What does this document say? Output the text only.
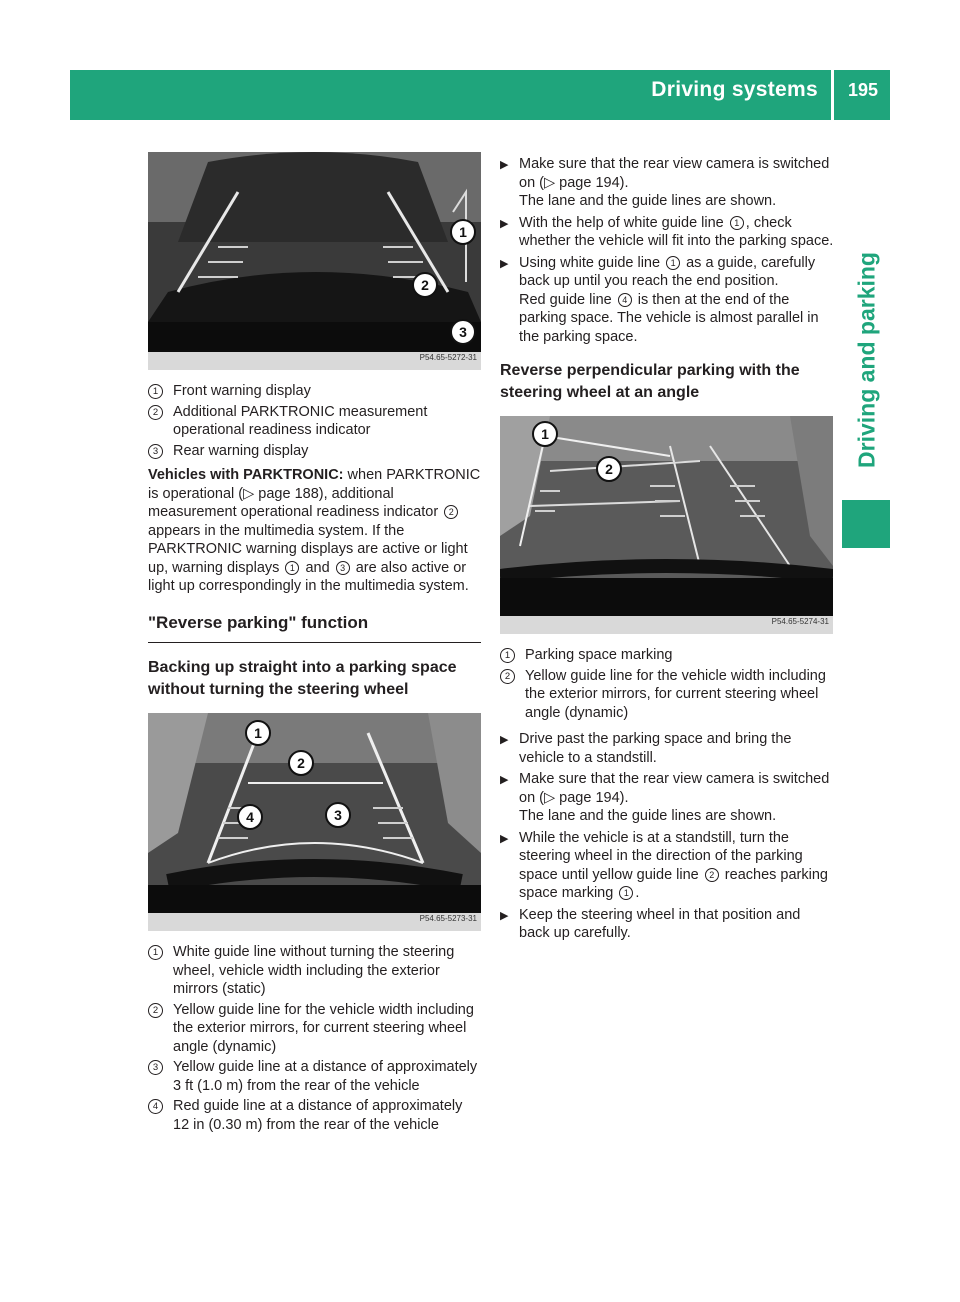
Driving systems 195
Driving and parking
1
2
3
P54.65-5272-31
1	Front warning display
2	Additional PARKTRONIC measurement operational readiness indicator
3	Rear warning display
Vehicles with PARKTRONIC: when PARKTRONIC is operational (▷ page 188), additional measurement operational readiness indicator 2 appears in the multimedia system. If the PARKTRONIC warning displays are active or light up, warning displays 1 and 3 are also active or light up correspondingly in the multimedia system.
"Reverse parking" function
Backing up straight into a parking space without turning the steering wheel
1
2
3
4
P54.65-5273-31
1	White guide line without turning the steering wheel, vehicle width including the exterior mirrors (static)
2	Yellow guide line for the vehicle width including the exterior mirrors, for current steering wheel angle (dynamic)
3	Yellow guide line at a distance of approximately 3 ft (1.0 m) from the rear of the vehicle
4	Red guide line at a distance of approximately 12 in (0.30 m) from the rear of the vehicle
▶ Make sure that the rear view camera is switched on (▷ page 194).
The lane and the guide lines are shown.
▶ With the help of white guide line 1 , check whether the vehicle will fit into the parking space.
▶ Using white guide line 1 as a guide, carefully back up until you reach the end position.
Red guide line 4 is then at the end of the parking space. The vehicle is almost parallel in the parking space.
Reverse perpendicular parking with the steering wheel at an angle
1
2
P54.65-5274-31
1	Parking space marking
2	Yellow guide line for the vehicle width including the exterior mirrors, for current steering wheel angle (dynamic)
▶ Drive past the parking space and bring the vehicle to a standstill.
▶ Make sure that the rear view camera is switched on (▷ page 194).
The lane and the guide lines are shown.
▶ While the vehicle is at a standstill, turn the steering wheel in the direction of the parking space until yellow guide line 2 reaches parking space marking 1 .
▶ Keep the steering wheel in that position and back up carefully.
